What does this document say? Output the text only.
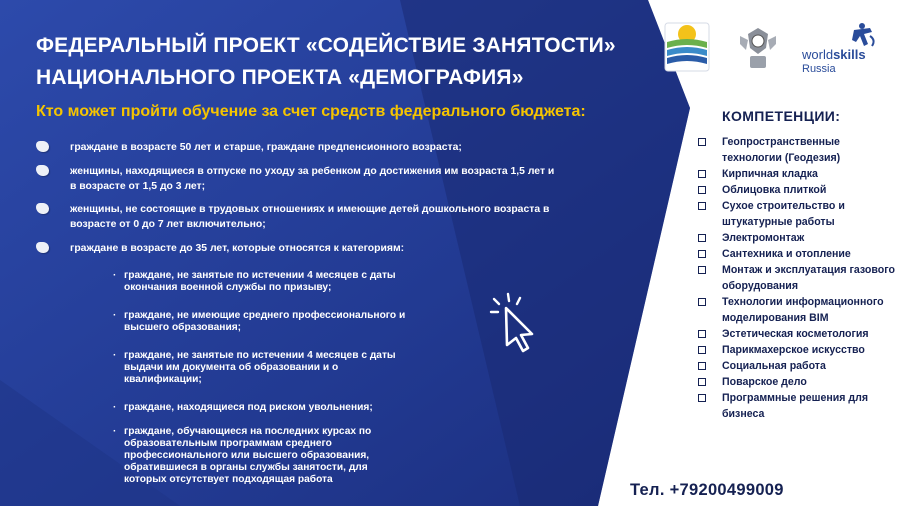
ФЕДЕРАЛЬНЫЙ ПРОЕКТ «СОДЕЙСТВИЕ ЗАНЯТОСТИ»
НАЦИОНАЛЬНОГО ПРОЕКТА «ДЕМОГРАФИЯ»
Кто может пройти обучение за счет средств федерального бюджета:
граждане в возрасте 50 лет и старше, граждане предпенсионного возраста;
женщины, находящиеся в отпуске по уходу за ребенком до достижения им возраста 1,5 лет и в возрасте от 1,5 до 3 лет;
женщины, не состоящие в трудовых отношениях и имеющие детей дошкольного возраста в возрасте от 0 до 7 лет включительно;
граждане в возрасте до 35 лет, которые относятся к категориям:
· граждане, не занятые по истечении 4 месяцев с даты окончания военной службы по призыву;
· граждане, не имеющие среднего профессионального и высшего образования;
· граждане, не занятые по истечении 4 месяцев с даты выдачи им документа об образовании и о квалификации;
· граждане, находящиеся под риском увольнения;
· граждане, обучающиеся на последних курсах по образовательным программам среднего профессионального или высшего образования, обратившиеся в органы службы занятости, для которых отсутствует подходящая работа
worldskills
Russia
КОМПЕТЕНЦИИ:
Геопространственные технологии (Геодезия)
Кирпичная кладка
Облицовка плиткой
Сухое строительство и штукатурные работы
Электромонтаж
Сантехника и отопление
Монтаж и эксплуатация газового оборудования
Технологии информационного моделирования BIM
Эстетическая косметология
Парикмахерское искусство
Социальная работа
Поварское дело
Программные решения для бизнеса
Тел. +79200499009
